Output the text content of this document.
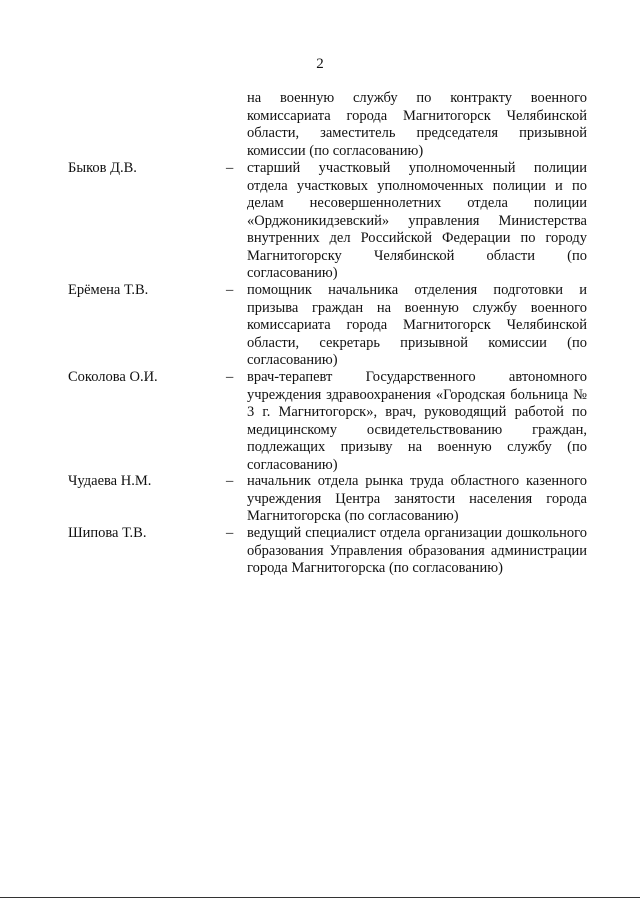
2
на военную службу по контракту военного комиссариата города Магнитогорск Челябинской области, заместитель председателя призывной комиссии (по согласованию)
Быков Д.В.	– старший участковый уполномоченный полиции отдела участковых уполномоченных полиции и по делам несовершеннолетних отдела полиции «Орджоникидзевский» управления Министерства внутренних дел Российской Федерации по городу Магнитогорску Челябинской области (по согласованию)
Ерёмена Т.В.	– помощник начальника отделения подготовки и призыва граждан на военную службу военного комиссариата города Магнитогорск Челябинской области, секретарь призывной комиссии (по согласованию)
Соколова О.И.	– врач-терапевт Государственного автономного учреждения здравоохранения «Городская больница № 3 г. Магнитогорск», врач, руководящий работой по медицинскому освидетельствованию граждан, подлежащих призыву на военную службу (по согласованию)
Чудаева Н.М.	– начальник отдела рынка труда областного казенного учреждения Центра занятости населения города Магнитогорска (по согласованию)
Шипова Т.В.	– ведущий специалист отдела организации дошкольного образования Управления образования администрации города Магнитогорска (по согласованию)
